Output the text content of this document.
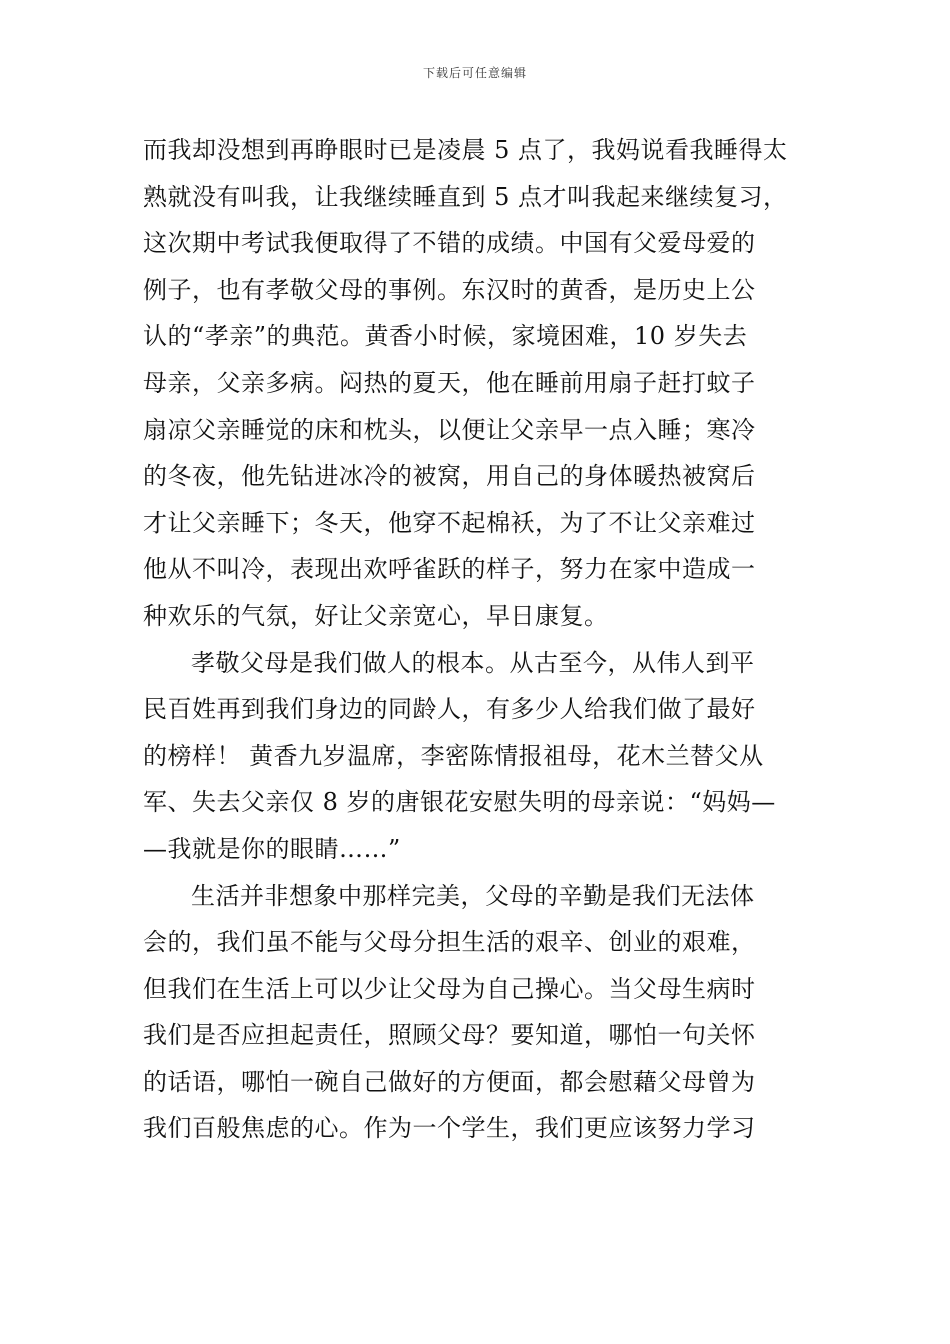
下载后可任意编辑
而我却没想到再睁眼时已是凌晨 5 点了，我妈说看我睡得太
熟就没有叫我，让我继续睡直到 5 点才叫我起来继续复习，
这次期中考试我便取得了不错的成绩。中国有父爱母爱的
例子，也有孝敬父母的事例。东汉时的黄香，是历史上公
认的“孝亲”的典范。黄香小时候，家境困难，10 岁失去
母亲，父亲多病。闷热的夏天，他在睡前用扇子赶打蚊子
扇凉父亲睡觉的床和枕头，以便让父亲早一点入睡；寒冷
的冬夜，他先钻进冰冷的被窝，用自己的身体暖热被窝后
才让父亲睡下；冬天，他穿不起棉袄，为了不让父亲难过
他从不叫冷，表现出欢呼雀跃的样子，努力在家中造成一
种欢乐的气氛，好让父亲宽心，早日康复。
孝敬父母是我们做人的根本。从古至今，从伟人到平
民百姓再到我们身边的同龄人，有多少人给我们做了最好
的榜样！ 黄香九岁温席，李密陈情报祖母，花木兰替父从
军、失去父亲仅 8 岁的唐银花安慰失明的母亲说：“妈妈—
—我就是你的眼睛……”
生活并非想象中那样完美，父母的辛勤是我们无法体
会的，我们虽不能与父母分担生活的艰辛、创业的艰难，
但我们在生活上可以少让父母为自己操心。当父母生病时
我们是否应担起责任，照顾父母？要知道，哪怕一句关怀
的话语，哪怕一碗自己做好的方便面，都会慰藉父母曾为
我们百般焦虑的心。作为一个学生，我们更应该努力学习
